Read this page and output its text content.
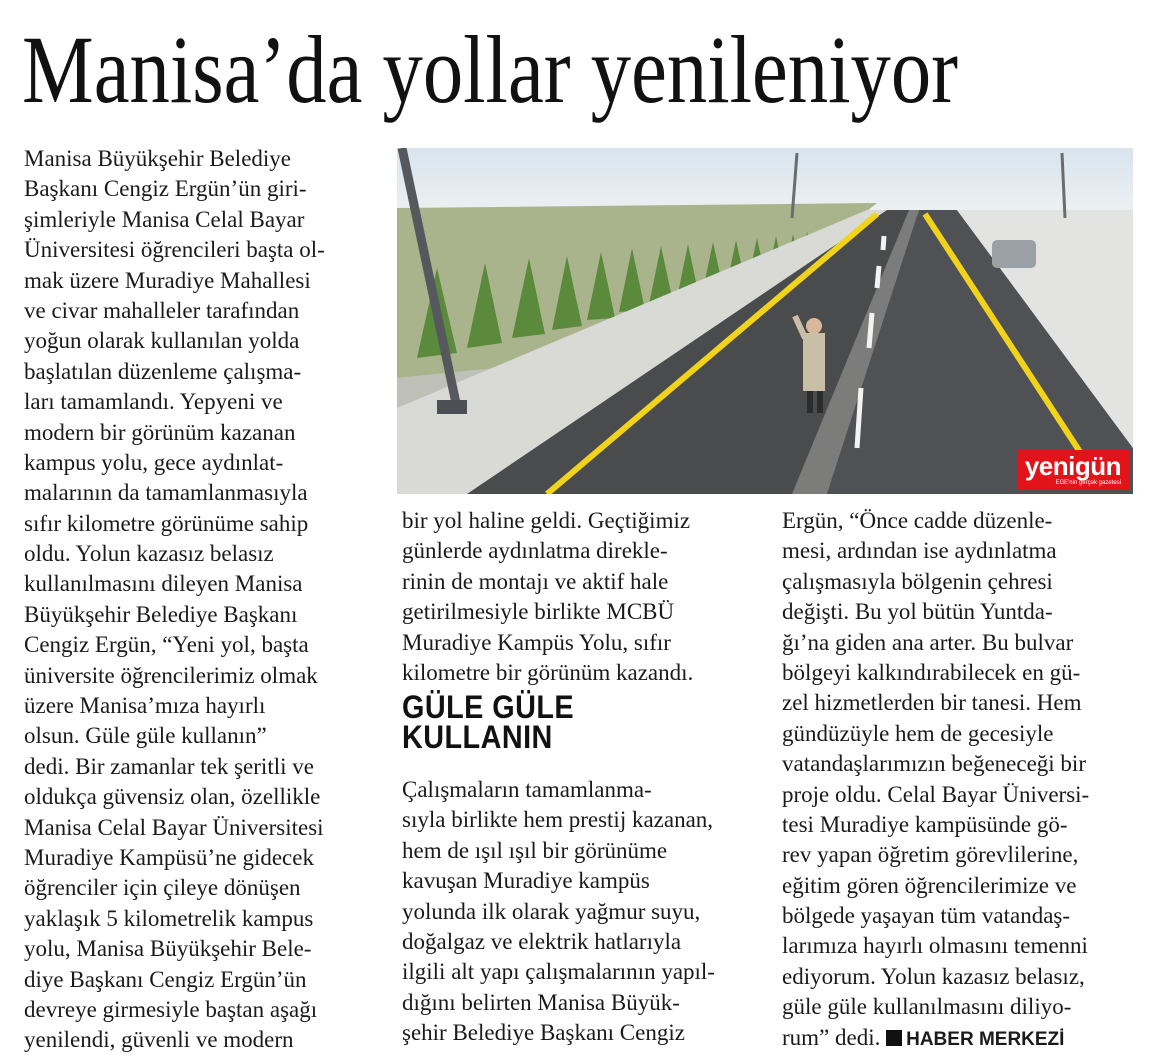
Manisa’da yollar yenileniyor
Manisa Büyükşehir Belediye
Başkanı Cengiz Ergün’ün giri-
şimleriyle Manisa Celal Bayar
Üniversitesi öğrencileri başta ol-
mak üzere Muradiye Mahallesi
ve civar mahalleler tarafından
yoğun olarak kullanılan yolda
başlatılan düzenleme çalışma-
ları tamamlandı. Yepyeni ve
modern bir görünüm kazanan
kampus yolu, gece aydınlat-
malarının da tamamlanmasıyla
sıfır kilometre görünüme sahip
oldu. Yolun kazasız belasız
kullanılmasını dileyen Manisa
Büyükşehir Belediye Başkanı
Cengiz Ergün, “Yeni yol, başta
üniversite öğrencilerimiz olmak
üzere Manisa’mıza hayırlı
olsun. Güle güle kullanın”
dedi. Bir zamanlar tek şeritli ve
oldukça güvensiz olan, özellikle
Manisa Celal Bayar Üniversitesi
Muradiye Kampüsü’ne gidecek
öğrenciler için çileye dönüşen
yaklaşık 5 kilometrelik kampus
yolu, Manisa Büyükşehir Bele-
diye Başkanı Cengiz Ergün’ün
devreye girmesiyle baştan aşağı
yenilendi, güvenli ve modern
yenigün
EGE'nin gerçek gazetesi
bir yol haline geldi. Geçtiğimiz
günlerde aydınlatma direkle-
rinin de montajı ve aktif hale
getirilmesiyle birlikte MCBÜ
Muradiye Kampüs Yolu, sıfır
kilometre bir görünüm kazandı.
GÜLE GÜLE
KULLANIN
Çalışmaların tamamlanma-
sıyla birlikte hem prestij kazanan,
hem de ışıl ışıl bir görünüme
kavuşan Muradiye kampüs
yolunda ilk olarak yağmur suyu,
doğalgaz ve elektrik hatlarıyla
ilgili alt yapı çalışmalarının yapıl-
dığını belirten Manisa Büyük-
şehir Belediye Başkanı Cengiz
Ergün, “Önce cadde düzenle-
mesi, ardından ise aydınlatma
çalışmasıyla bölgenin çehresi
değişti. Bu yol bütün Yuntda-
ğı’na giden ana arter. Bu bulvar
bölgeyi kalkındırabilecek en gü-
zel hizmetlerden bir tanesi. Hem
gündüzüyle hem de gecesiyle
vatandaşlarımızın beğeneceği bir
proje oldu. Celal Bayar Üniversi-
tesi Muradiye kampüsünde gö-
rev yapan öğretim görevlilerine,
eğitim gören öğrencilerimize ve
bölgede yaşayan tüm vatandaş-
larımıza hayırlı olmasını temenni
ediyorum. Yolun kazasız belasız,
güle güle kullanılmasını diliyo-
rum” dedi. HABER MERKEZİ
